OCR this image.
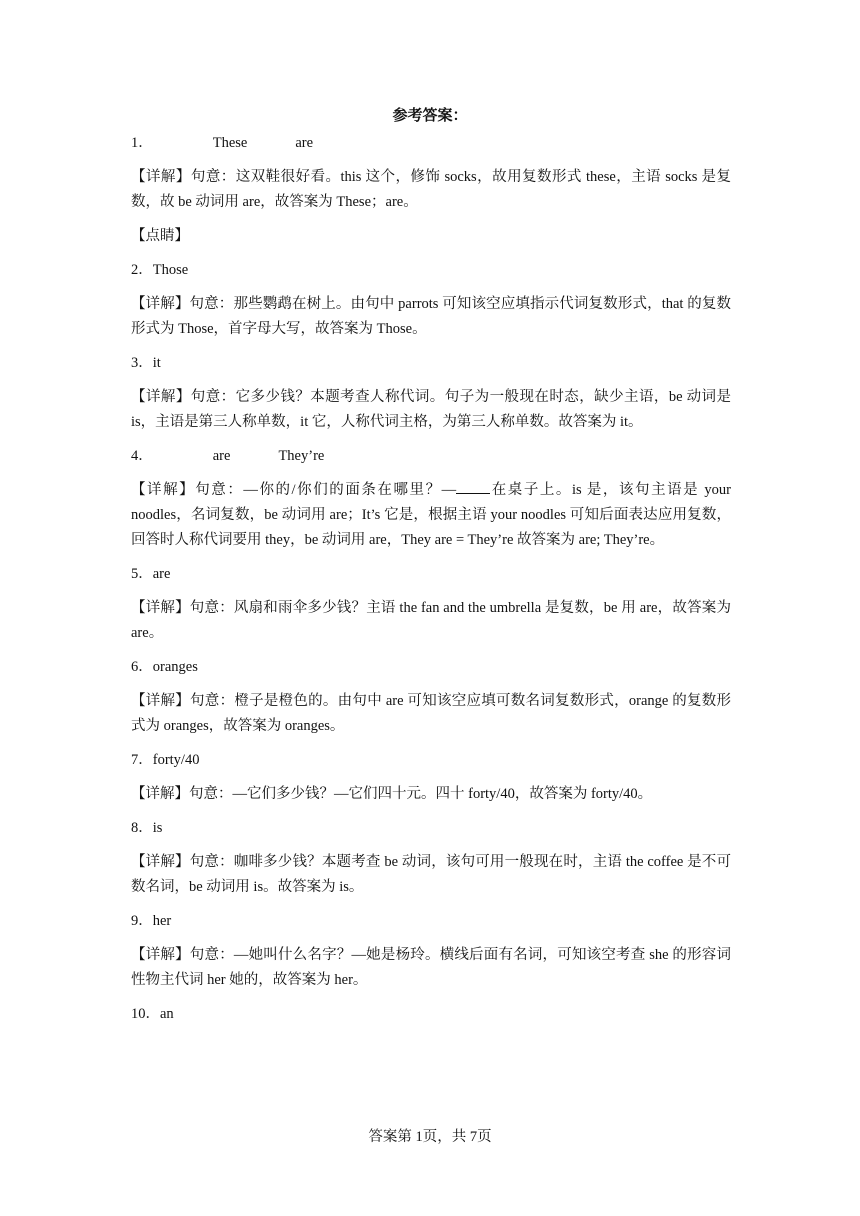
参考答案：
1．	These	are
【详解】句意：这双鞋很好看。this 这个，修饰 socks，故用复数形式 these，主语 socks 是复数，故 be 动词用 are，故答案为 These；are。
【点睛】
2．Those
【详解】句意：那些鹦鹉在树上。由句中 parrots 可知该空应填指示代词复数形式，that 的复数形式为 Those，首字母大写，故答案为 Those。
3．it
【详解】句意：它多少钱？本题考查人称代词。句子为一般现在时态，缺少主语，be 动词是 is，主语是第三人称单数，it 它，人称代词主格，为第三人称单数。故答案为 it。
4．	are	They’re
【详解】句意：—你的/你们的面条在哪里？— 在桌子上。is 是，该句主语是 your noodles，名词复数，be 动词用 are；It’s 它是，根据主语 your noodles 可知后面表达应用复数，回答时人称代词要用 they，be 动词用 are，They are = They’re 故答案为 are; They’re。
5．are
【详解】句意：风扇和雨伞多少钱？主语 the fan and the umbrella 是复数，be 用 are，故答案为 are。
6．oranges
【详解】句意：橙子是橙色的。由句中 are 可知该空应填可数名词复数形式，orange 的复数形式为 oranges，故答案为 oranges。
7．forty/40
【详解】句意：—它们多少钱？—它们四十元。四十 forty/40，故答案为 forty/40。
8．is
【详解】句意：咖啡多少钱？本题考查 be 动词，该句可用一般现在时，主语 the coffee 是不可数名词，be 动词用 is。故答案为 is。
9．her
【详解】句意：—她叫什么名字？—她是杨玲。横线后面有名词，可知该空考查 she 的形容词性物主代词 her 她的，故答案为 her。
10．an
答案第 1页，共 7页
